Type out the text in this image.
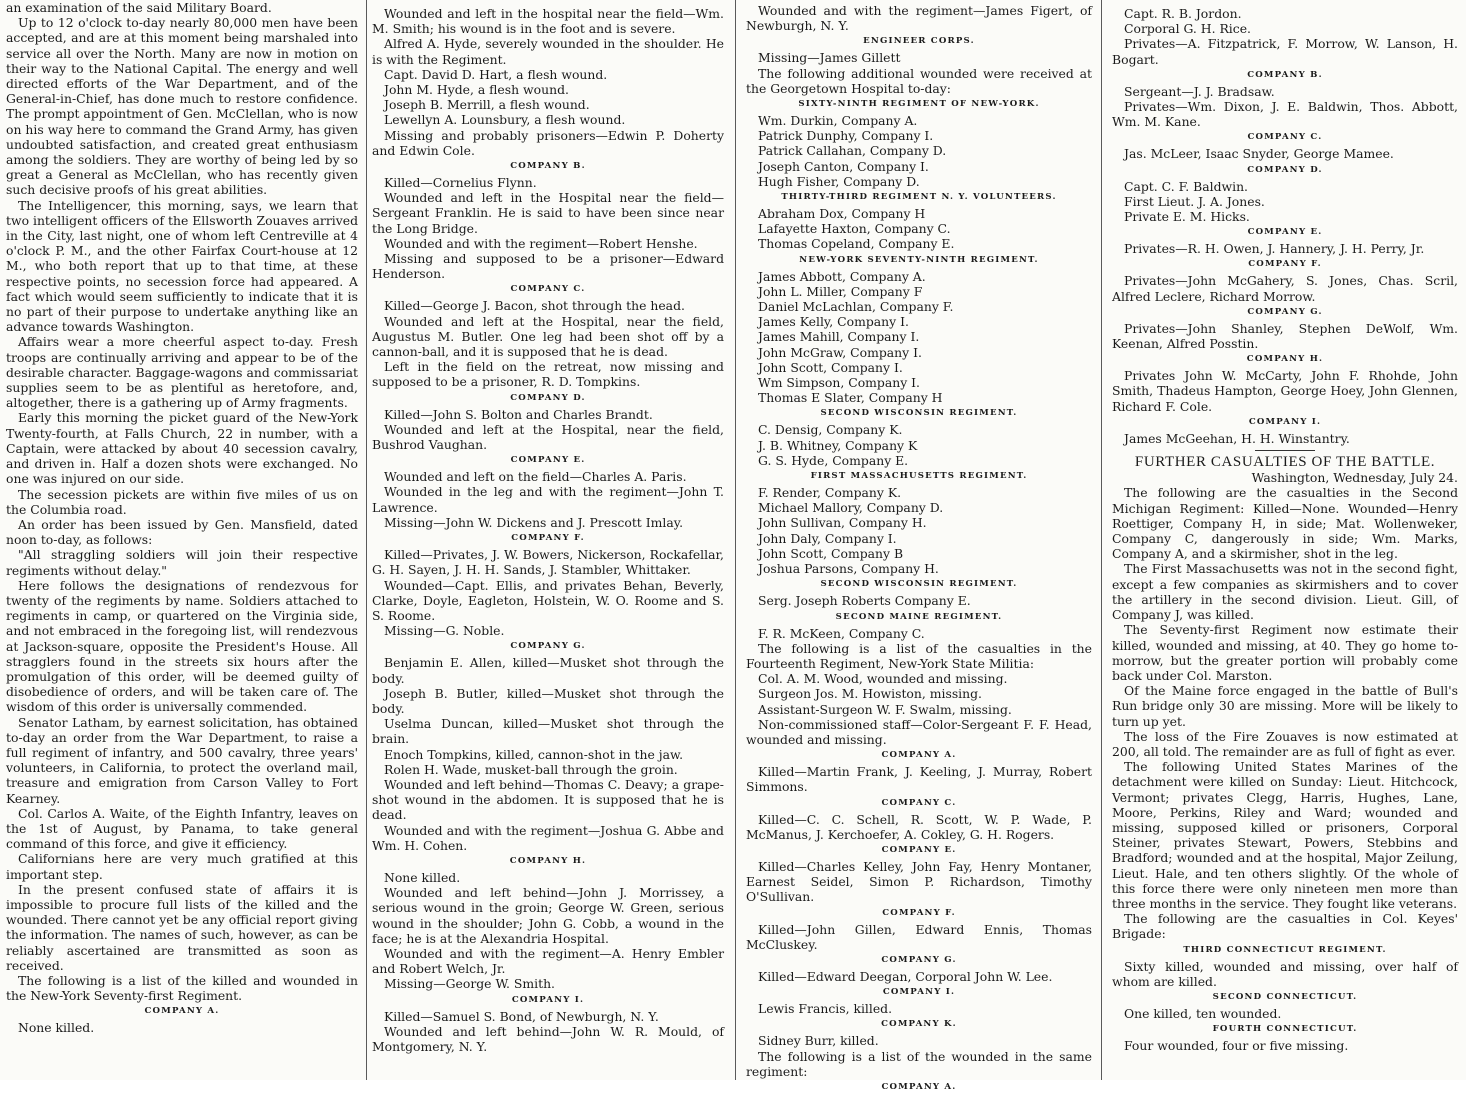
an examination of the said Military Board.

Up to 12 o'clock to-day nearly 80,000 men have been accepted, and are at this moment being marshaled into service all over the North. Many are now in motion on their way to the National Capital. The energy and well directed efforts of the War Department, and of the General-in-Chief, has done much to restore confidence. The prompt appointment of Gen. McClellan, who is now on his way here to command the Grand Army, has given undoubted satisfaction, and created great enthusiasm among the soldiers. They are worthy of being led by so great a General as McClellan, who has recently given such decisive proofs of his great abilities.

The Intelligencer, this morning, says, we learn that two intelligent officers of the Ellsworth Zouaves arrived in the City, last night, one of whom left Centreville at 4 o'clock P. M., and the other Fairfax Court-house at 12 M., who both report that up to that time, at these respective points, no secession force had appeared. A fact which would seem sufficiently to indicate that it is no part of their purpose to undertake anything like an advance towards Washington.

Affairs wear a more cheerful aspect to-day. Fresh troops are continually arriving and appear to be of the desirable character. Baggage-wagons and commissariat supplies seem to be as plentiful as heretofore, and, altogether, there is a gathering up of Army fragments.

Early this morning the picket guard of the New-York Twenty-fourth, at Falls Church, 22 in number, with a Captain, were attacked by about 40 secession cavalry, and driven in. Half a dozen shots were exchanged. No one was injured on our side.

The secession pickets are within five miles of us on the Columbia road.

An order has been issued by Gen. Mansfield, dated noon to-day, as follows:

"All straggling soldiers will join their respective regiments without delay."

Here follows the designations of rendezvous for twenty of the regiments by name. Soldiers attached to regiments in camp, or quartered on the Virginia side, and not embraced in the foregoing list, will rendezvous at Jackson-square, opposite the President's House. All stragglers found in the streets six hours after the promulgation of this order, will be deemed guilty of disobedience of orders, and will be taken care of. The wisdom of this order is universally commended.

Senator Latham, by earnest solicitation, has obtained to-day an order from the War Department, to raise a full regiment of infantry, and 500 cavalry, three years' volunteers, in California, to protect the overland mail, treasure and emigration from Carson Valley to Fort Kearney.

Col. Carlos A. Waite, of the Eighth Infantry, leaves on the 1st of August, by Panama, to take general command of this force, and give it efficiency.

Californians here are very much gratified at this important step.

In the present confused state of affairs it is impossible to procure full lists of the killed and the wounded. There cannot yet be any official report giving the information. The names of such, however, as can be reliably ascertained are transmitted as soon as received.

The following is a list of the killed and wounded in the New-York Seventy-first Regiment.

COMPANY A.

None killed.

Wounded and left in the hospital near the field—Wm. M. Smith; his wound is in the foot and is severe.

Alfred A. Hyde, severely wounded in the shoulder. He is with the Regiment.

Capt. David D. Hart, a flesh wound.

John M. Hyde, a flesh wound.

Joseph B. Merrill, a flesh wound.

Lewellyn A. Lounsbury, a flesh wound.

Missing and probably prisoners—Edwin P. Doherty and Edwin Cole.

COMPANY B.

Killed—Cornelius Flynn.

Wounded and left in the Hospital near the field—Sergeant Franklin. He is said to have been since near the Long Bridge.

Wounded and with the regiment—Robert Henshe.

Missing and supposed to be a prisoner—Edward Henderson.

COMPANY C.

Killed—George J. Bacon, shot through the head.

Wounded and left at the Hospital, near the field, Augustus M. Butler. One leg had been shot off by a cannon-ball, and it is supposed that he is dead.

Left in the field on the retreat, now missing and supposed to be a prisoner, R. D. Tompkins.

COMPANY D.

Killed—John S. Bolton and Charles Brandt.

Wounded and left at the Hospital, near the field, Bushrod Vaughan.

COMPANY E.

Wounded and left on the field—Charles A. Paris.

Wounded in the leg and with the regiment—John T. Lawrence.

Missing—John W. Dickens and J. Prescott Imlay.

COMPANY F.

Killed—Privates, J. W. Bowers, Nickerson, Rockafellar, G. H. Sayen, J. H. H. Sands, J. Stambler, Whittaker.

Wounded—Capt. Ellis, and privates Behan, Beverly, Clarke, Doyle, Eagleton, Holstein, W. O. Roome and S. S. Roome.

Missing—G. Noble.

COMPANY G.

Benjamin E. Allen, killed—Musket shot through the body.

Joseph B. Butler, killed—Musket shot through the body.

Uselma Duncan, killed—Musket shot through the brain.

Enoch Tompkins, killed, cannon-shot in the jaw.

Rolen H. Wade, musket-ball through the groin.

Wounded and left behind—Thomas C. Deavy; a grape-shot wound in the abdomen. It is supposed that he is dead.

Wounded and with the regiment—Joshua G. Abbe and Wm. H. Cohen.

COMPANY H.

None killed.

Wounded and left behind—John J. Morrissey, a serious wound in the groin; George W. Green, serious wound in the shoulder; John G. Cobb, a wound in the face; he is at the Alexandria Hospital.

Wounded and with the regiment—A. Henry Embler and Robert Welch, Jr.

Missing—George W. Smith.

COMPANY I.

Killed—Samuel S. Bond, of Newburgh, N. Y.

Wounded and left behind—John W. R. Mould, of Montgomery, N. Y.

Wounded and with the regiment—James Figert, of Newburgh, N. Y.

ENGINEER CORPS.

Missing—James Gillett

The following additional wounded were received at the Georgetown Hospital to-day:

SIXTY-NINTH REGIMENT OF NEW-YORK.

Wm. Durkin, Company A.

Patrick Dunphy, Company I.

Patrick Callahan, Company D.

Joseph Canton, Company I.

Hugh Fisher, Company D.

THIRTY-THIRD REGIMENT N. Y. VOLUNTEERS.

Abraham Dox, Company H

Lafayette Haxton, Company C.

Thomas Copeland, Company E.

NEW-YORK SEVENTY-NINTH REGIMENT.

James Abbott, Company A.

John L. Miller, Company F

Daniel McLachlan, Company F.

James Kelly, Company I.

James Mahill, Company I.

John McGraw, Company I.

John Scott, Company I.

Wm Simpson, Company I.

Thomas E Slater, Company H

SECOND WISCONSIN REGIMENT.

C. Densig, Company K.

J. B. Whitney, Company K

G. S. Hyde, Company E.

FIRST MASSACHUSETTS REGIMENT.

F. Render, Company K.

Michael Mallory, Company D.

John Sullivan, Company H.

John Daly, Company I.

John Scott, Company B

Joshua Parsons, Company H.

SECOND WISCONSIN REGIMENT.

Serg. Joseph Roberts Company E.

SECOND MAINE REGIMENT.

F. R. McKeen, Company C.

The following is a list of the casualties in the Fourteenth Regiment, New-York State Militia:

Col. A. M. Wood, wounded and missing.

Surgeon Jos. M. Howiston, missing.

Assistant-Surgeon W. F. Swalm, missing.

Non-commissioned staff—Color-Sergeant F. F. Head, wounded and missing.

COMPANY A.

Killed—Martin Frank, J. Keeling, J. Murray, Robert Simmons.

COMPANY C.

Killed—C. C. Schell, R. Scott, W. P. Wade, P. McManus, J. Kerchoefer, A. Cokley, G. H. Rogers.

COMPANY E.

Killed—Charles Kelley, John Fay, Henry Montaner, Earnest Seidel, Simon P. Richardson, Timothy O'Sullivan.

COMPANY F.

Killed—John Gillen, Edward Ennis, Thomas McCluskey.

COMPANY G.

Killed—Edward Deegan, Corporal John W. Lee.

COMPANY I.

Lewis Francis, killed.

COMPANY K.

Sidney Burr, killed.

The following is a list of the wounded in the same regiment:

COMPANY A.

Capt. R. B. Jordon.

Corporal G. H. Rice.

Privates—A. Fitzpatrick, F. Morrow, W. Lanson, H. Bogart.

COMPANY B.

Sergeant—J. J. Bradsaw.

Privates—Wm. Dixon, J. E. Baldwin, Thos. Abbott, Wm. M. Kane.

COMPANY C.

Jas. McLeer, Isaac Snyder, George Mamee.

COMPANY D.

Capt. C. F. Baldwin.

First Lieut. J. A. Jones.

Private E. M. Hicks.

COMPANY E.

Privates—R. H. Owen, J. Hannery, J. H. Perry, Jr.

COMPANY F.

Privates—John McGahery, S. Jones, Chas. Scril, Alfred Leclere, Richard Morrow.

COMPANY G.

Privates—John Shanley, Stephen DeWolf, Wm. Keenan, Alfred Posstin.

COMPANY H.

Privates John W. McCarty, John F. Rhohde, John Smith, Thadeus Hampton, George Hoey, John Glennen, Richard F. Cole.

COMPANY I.

James McGeehan, H. H. Winstantry.

FURTHER CASUALTIES OF THE BATTLE.

Washington, Wednesday, July 24.

The following are the casualties in the Second Michigan Regiment: Killed—None. Wounded—Henry Roettiger, Company H, in side; Mat. Wollenweker, Company C, dangerously in side; Wm. Marks, Company A, and a skirmisher, shot in the leg.

The First Massachusetts was not in the second fight, except a few companies as skirmishers and to cover the artillery in the second division. Lieut. Gill, of Company J, was killed.

The Seventy-first Regiment now estimate their killed, wounded and missing, at 40. They go home to-morrow, but the greater portion will probably come back under Col. Marston.

Of the Maine force engaged in the battle of Bull's Run bridge only 30 are missing. More will be likely to turn up yet.

The loss of the Fire Zouaves is now estimated at 200, all told. The remainder are as full of fight as ever.

The following United States Marines of the detachment were killed on Sunday: Lieut. Hitchcock, Vermont; privates Clegg, Harris, Hughes, Lane, Moore, Perkins, Riley and Ward; wounded and missing, supposed killed or prisoners, Corporal Steiner, privates Stewart, Powers, Stebbins and Bradford; wounded and at the hospital, Major Zeilung, Lieut. Hale, and ten others slightly. Of the whole of this force there were only nineteen men more than three months in the service. They fought like veterans.

The following are the casualties in Col. Keyes' Brigade:

THIRD CONNECTICUT REGIMENT.

Sixty killed, wounded and missing, over half of whom are killed.

SECOND CONNECTICUT.

One killed, ten wounded.

FOURTH CONNECTICUT.

Four wounded, four or five missing.
